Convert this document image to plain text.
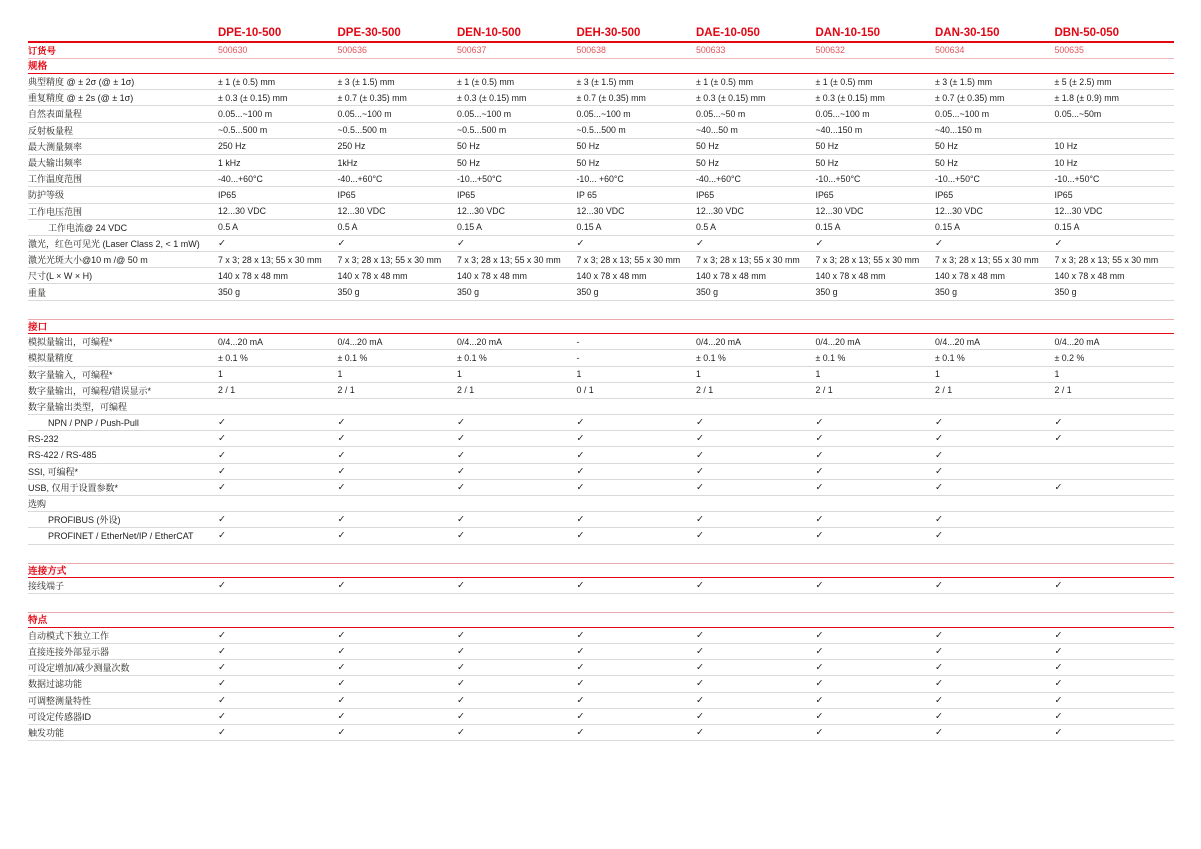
DPE-10-500	DPE-30-500	DEN-10-500	DEH-30-500	DAE-10-050	DAN-10-150	DAN-30-150	DBN-50-050
订货号	500630	500636	500637	500638	500633	500632	500634	500635
规格
典型精度 @ ± 2σ (@ ± 1σ)	± 1 (± 0.5) mm	± 3 (± 1.5) mm	± 1 (± 0.5) mm	± 3 (± 1.5) mm	± 1 (± 0.5) mm	± 1 (± 0.5) mm	± 3 (± 1.5) mm	± 5 (± 2.5) mm
重复精度 @ ± 2s (@ ± 1σ)	± 0.3 (± 0.15) mm	± 0.7 (± 0.35) mm	± 0.3 (± 0.15) mm	± 0.7 (± 0.35) mm	± 0.3 (± 0.15) mm	± 0.3 (± 0.15) mm	± 0.7 (± 0.35) mm	± 1.8 (± 0.9) mm
自然表面量程	0.05...~100 m	0.05...~100 m	0.05...~100 m	0.05...~100 m	0.05...~50 m	0.05...~100 m	0.05...~100 m	0.05...~50m
反射板量程	~0.5...500 m	~0.5...500 m	~0.5...500 m	~0.5...500 m	~40...50 m	~40...150 m	~40...150 m
最大测量频率	250 Hz	250 Hz	50 Hz	50 Hz	50 Hz	50 Hz	50 Hz	10 Hz
最大输出频率	1 kHz	1kHz	50 Hz	50 Hz	50 Hz	50 Hz	50 Hz	10 Hz
工作温度范围	-40...+60°C	-40...+60°C	-10...+50°C	-10... +60°C	-40...+60°C	-10...+50°C	-10...+50°C	-10...+50°C
防护等级	IP65	IP65	IP65	IP 65	IP65	IP65	IP65	IP65
工作电压范围	12...30 VDC	12...30 VDC	12...30 VDC	12...30 VDC	12...30 VDC	12...30 VDC	12...30 VDC	12...30 VDC
工作电流@ 24 VDC	0.5 A	0.5 A	0.15 A	0.15 A	0.5 A	0.15 A	0.15 A	0.15 A
激光，红色可见光 (Laser Class 2, < 1 mW)	✓	✓	✓	✓	✓	✓	✓	✓
激光光斑大小@10 m /@ 50 m	7 x 3; 28 x 13; 55 x 30 mm	7 x 3; 28 x 13; 55 x 30 mm	7 x 3; 28 x 13; 55 x 30 mm	7 x 3; 28 x 13; 55 x 30 mm	7 x 3; 28 x 13; 55 x 30 mm	7 x 3; 28 x 13; 55 x 30 mm	7 x 3; 28 x 13; 55 x 30 mm	7 x 3; 28 x 13; 55 x 30 mm
尺寸(L × W × H)	140 x 78 x 48 mm	140 x 78 x 48 mm	140 x 78 x 48 mm	140 x 78 x 48 mm	140 x 78 x 48 mm	140 x 78 x 48 mm	140 x 78 x 48 mm	140 x 78 x 48 mm
重量	350 g	350 g	350 g	350 g	350 g	350 g	350 g	350 g
接口
模拟量输出，可编程*	0/4...20 mA	0/4...20 mA	0/4...20 mA	-	0/4...20 mA	0/4...20 mA	0/4...20 mA	0/4...20 mA
模拟量精度	± 0.1 %	± 0.1 %	± 0.1 %	-	± 0.1 %	± 0.1 %	± 0.1 %	± 0.2 %
数字量输入，可编程*	1	1	1	1	1	1	1	1
数字量输出，可编程/错误显示*	2 / 1	2 / 1	2 / 1	0 / 1	2 / 1	2 / 1	2 / 1	2 / 1
数字量输出类型，可编程
NPN / PNP / Push-Pull	✓	✓	✓	✓	✓	✓	✓	✓
RS-232	✓	✓	✓	✓	✓	✓	✓	✓
RS-422 / RS-485	✓	✓	✓	✓	✓	✓	✓
SSI, 可编程*	✓	✓	✓	✓	✓	✓	✓
USB, 仅用于设置参数*	✓	✓	✓	✓	✓	✓	✓	✓
选购
PROFIBUS (外设)	✓	✓	✓	✓	✓	✓	✓
PROFINET / EtherNet/IP / EtherCAT	✓	✓	✓	✓	✓	✓	✓
连接方式
接线端子	✓	✓	✓	✓	✓	✓	✓	✓
特点
自动模式下独立工作	✓	✓	✓	✓	✓	✓	✓	✓
直接连接外部显示器	✓	✓	✓	✓	✓	✓	✓	✓
可设定增加/减少测量次数	✓	✓	✓	✓	✓	✓	✓	✓
数据过滤功能	✓	✓	✓	✓	✓	✓	✓	✓
可调整测量特性	✓	✓	✓	✓	✓	✓	✓	✓
可设定传感器ID	✓	✓	✓	✓	✓	✓	✓	✓
触发功能	✓	✓	✓	✓	✓	✓	✓	✓
